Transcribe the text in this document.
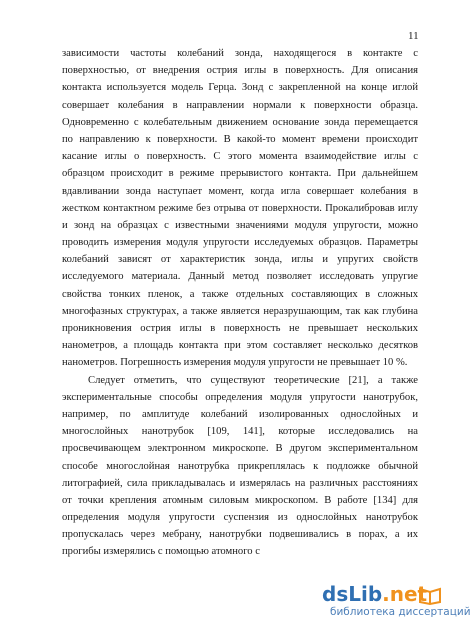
11
зависимости частоты колебаний зонда, находящегося в контакте с
поверхностью, от внедрения острия иглы в поверхность. Для описания
контакта используется модель Герца. Зонд с закрепленной на конце иглой
совершает колебания в направлении нормали к поверхности образца.
Одновременно с колебательным движением основание зонда перемещается
по направлению к поверхности. В какой-то момент времени происходит
касание иглы о поверхность. С этого момента взаимодействие иглы с
образцом происходит в режиме прерывистого контакта. При дальнейшем
вдавливании зонда наступает момент, когда игла совершает колебания в
жестком контактном режиме без отрыва от поверхности. Прокалибровав иглу
и зонд на образцах с известными значениями модуля упругости, можно
проводить измерения модуля упругости исследуемых образцов. Параметры
колебаний зависят от характеристик зонда, иглы и упругих свойств
исследуемого материала. Данный метод позволяет исследовать упругие
свойства тонких пленок, а также отдельных составляющих в сложных
многофазных структурах, а также является неразрушающим, так как глубина
проникновения острия иглы в поверхность не превышает нескольких
нанометров, а площадь контакта при этом составляет несколько десятков
нанометров. Погрешность измерения модуля упругости не превышает 10 %.
Следует отметить, что существуют теоретические [21], а также
экспериментальные способы определения модуля упругости нанотрубок,
например, по амплитуде колебаний изолированных однослойных и
многослойных нанотрубок [109, 141], которые исследовались на
просвечивающем электронном микроскопе. В другом экспериментальном
способе многослойная нанотрубка прикреплялась к подложке обычной
литографией, сила прикладывалась и измерялась на различных расстояниях
от точки крепления атомным силовым микроскопом. В работе [134] для
определения модуля упругости суспензия из однослойных нанотрубок
пропускалась через мебрану, нанотрубки подвешивались в порах, а их
прогибы измерялись с помощью атомного с
dsLib.net
библиотека диссертаций
